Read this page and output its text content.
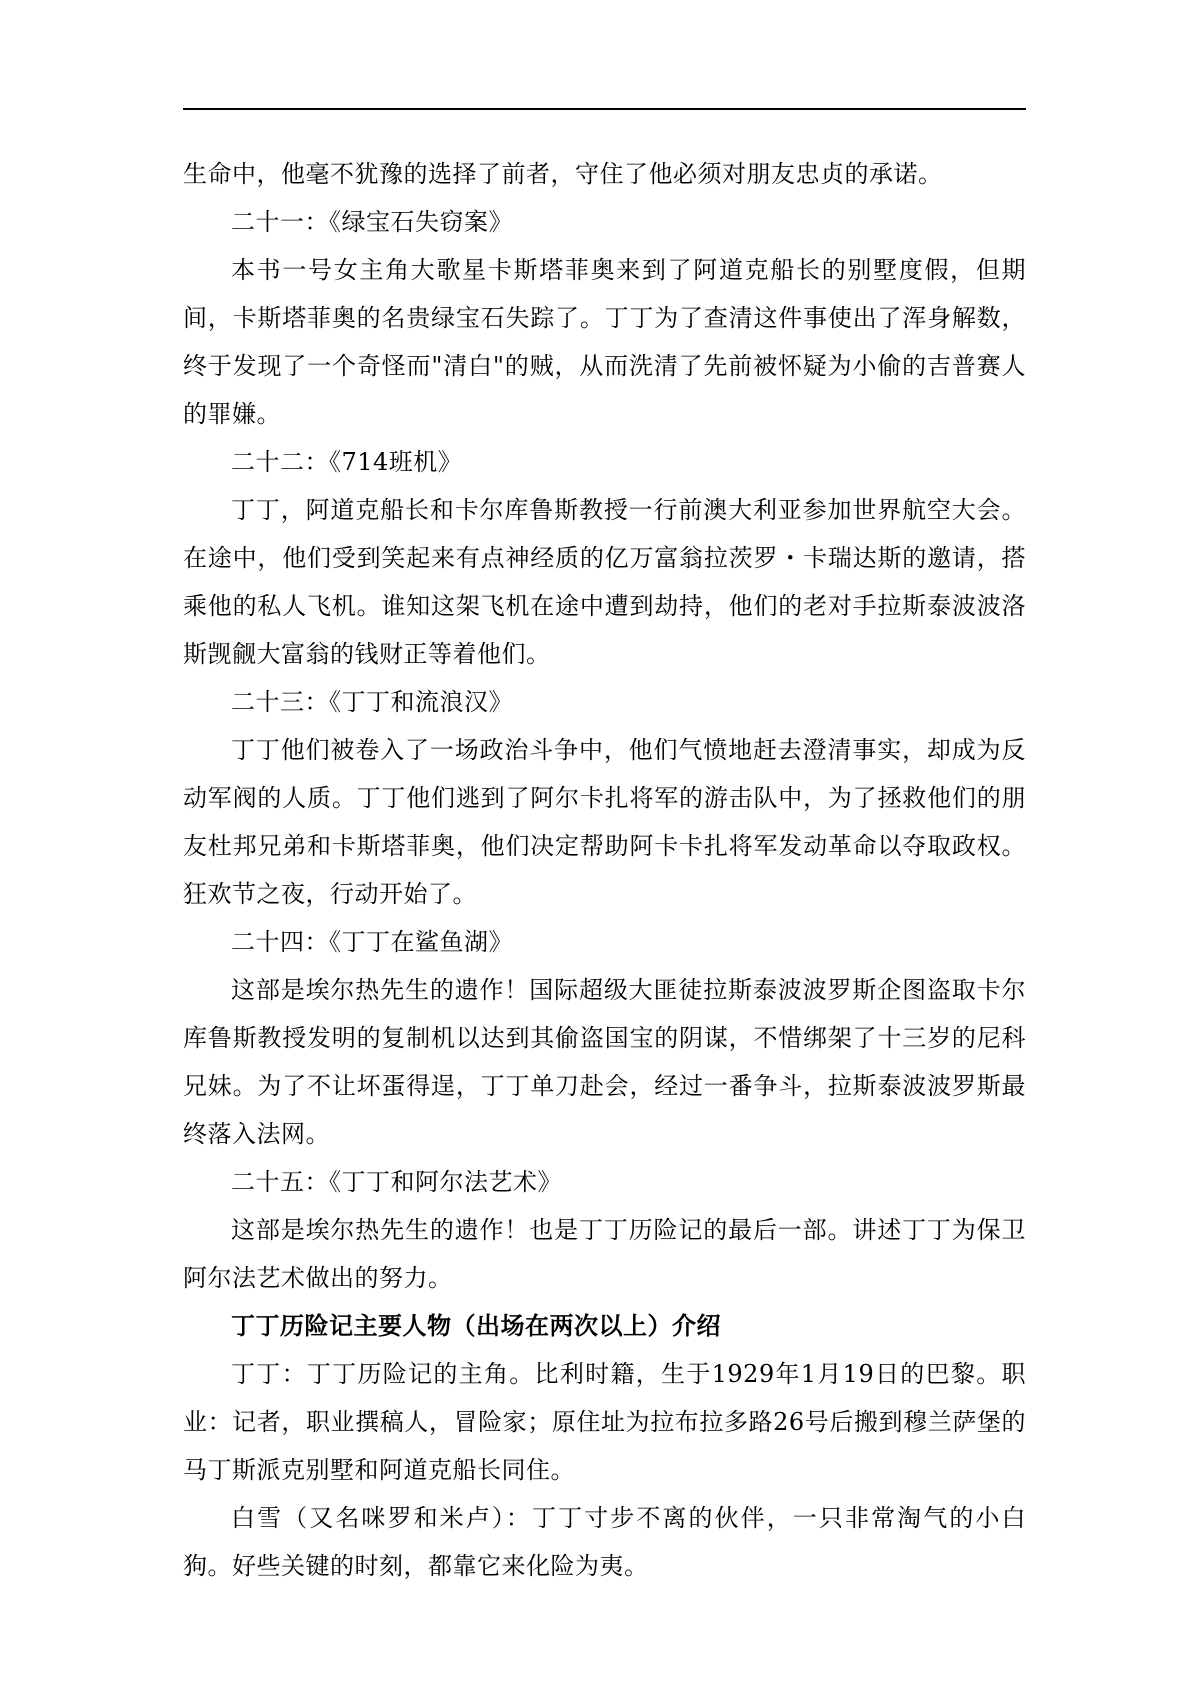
生命中，他毫不犹豫的选择了前者，守住了他必须对朋友忠贞的承诺。

二十一：《绿宝石失窃案》

本书一号女主角大歌星卡斯塔菲奥来到了阿道克船长的别墅度假，但期间，卡斯塔菲奥的名贵绿宝石失踪了。丁丁为了查清这件事使出了浑身解数，终于发现了一个奇怪而"清白"的贼，从而洗清了先前被怀疑为小偷的吉普赛人的罪嫌。

二十二：《714班机》

丁丁，阿道克船长和卡尔库鲁斯教授一行前澳大利亚参加世界航空大会。在途中，他们受到笑起来有点神经质的亿万富翁拉茨罗・卡瑞达斯的邀请，搭乘他的私人飞机。谁知这架飞机在途中遭到劫持，他们的老对手拉斯泰波波洛斯觊觎大富翁的钱财正等着他们。

二十三：《丁丁和流浪汉》

丁丁他们被卷入了一场政治斗争中，他们气愤地赶去澄清事实，却成为反动军阀的人质。丁丁他们逃到了阿尔卡扎将军的游击队中，为了拯救他们的朋友杜邦兄弟和卡斯塔菲奥，他们决定帮助阿卡卡扎将军发动革命以夺取政权。狂欢节之夜，行动开始了。

二十四：《丁丁在鲨鱼湖》

这部是埃尔热先生的遗作！国际超级大匪徒拉斯泰波波罗斯企图盗取卡尔库鲁斯教授发明的复制机以达到其偷盗国宝的阴谋，不惜绑架了十三岁的尼科兄妹。为了不让坏蛋得逞，丁丁单刀赴会，经过一番争斗，拉斯泰波波罗斯最终落入法网。

二十五：《丁丁和阿尔法艺术》

这部是埃尔热先生的遗作！也是丁丁历险记的最后一部。讲述丁丁为保卫阿尔法艺术做出的努力。

丁丁历险记主要人物（出场在两次以上）介绍

丁丁：丁丁历险记的主角。比利时籍，生于1929年1月19日的巴黎。职业：记者，职业撰稿人，冒险家；原住址为拉布拉多路26号后搬到穆兰萨堡的马丁斯派克别墅和阿道克船长同住。

白雪（又名咪罗和米卢）：丁丁寸步不离的伙伴，一只非常淘气的小白狗。好些关键的时刻，都靠它来化险为夷。
